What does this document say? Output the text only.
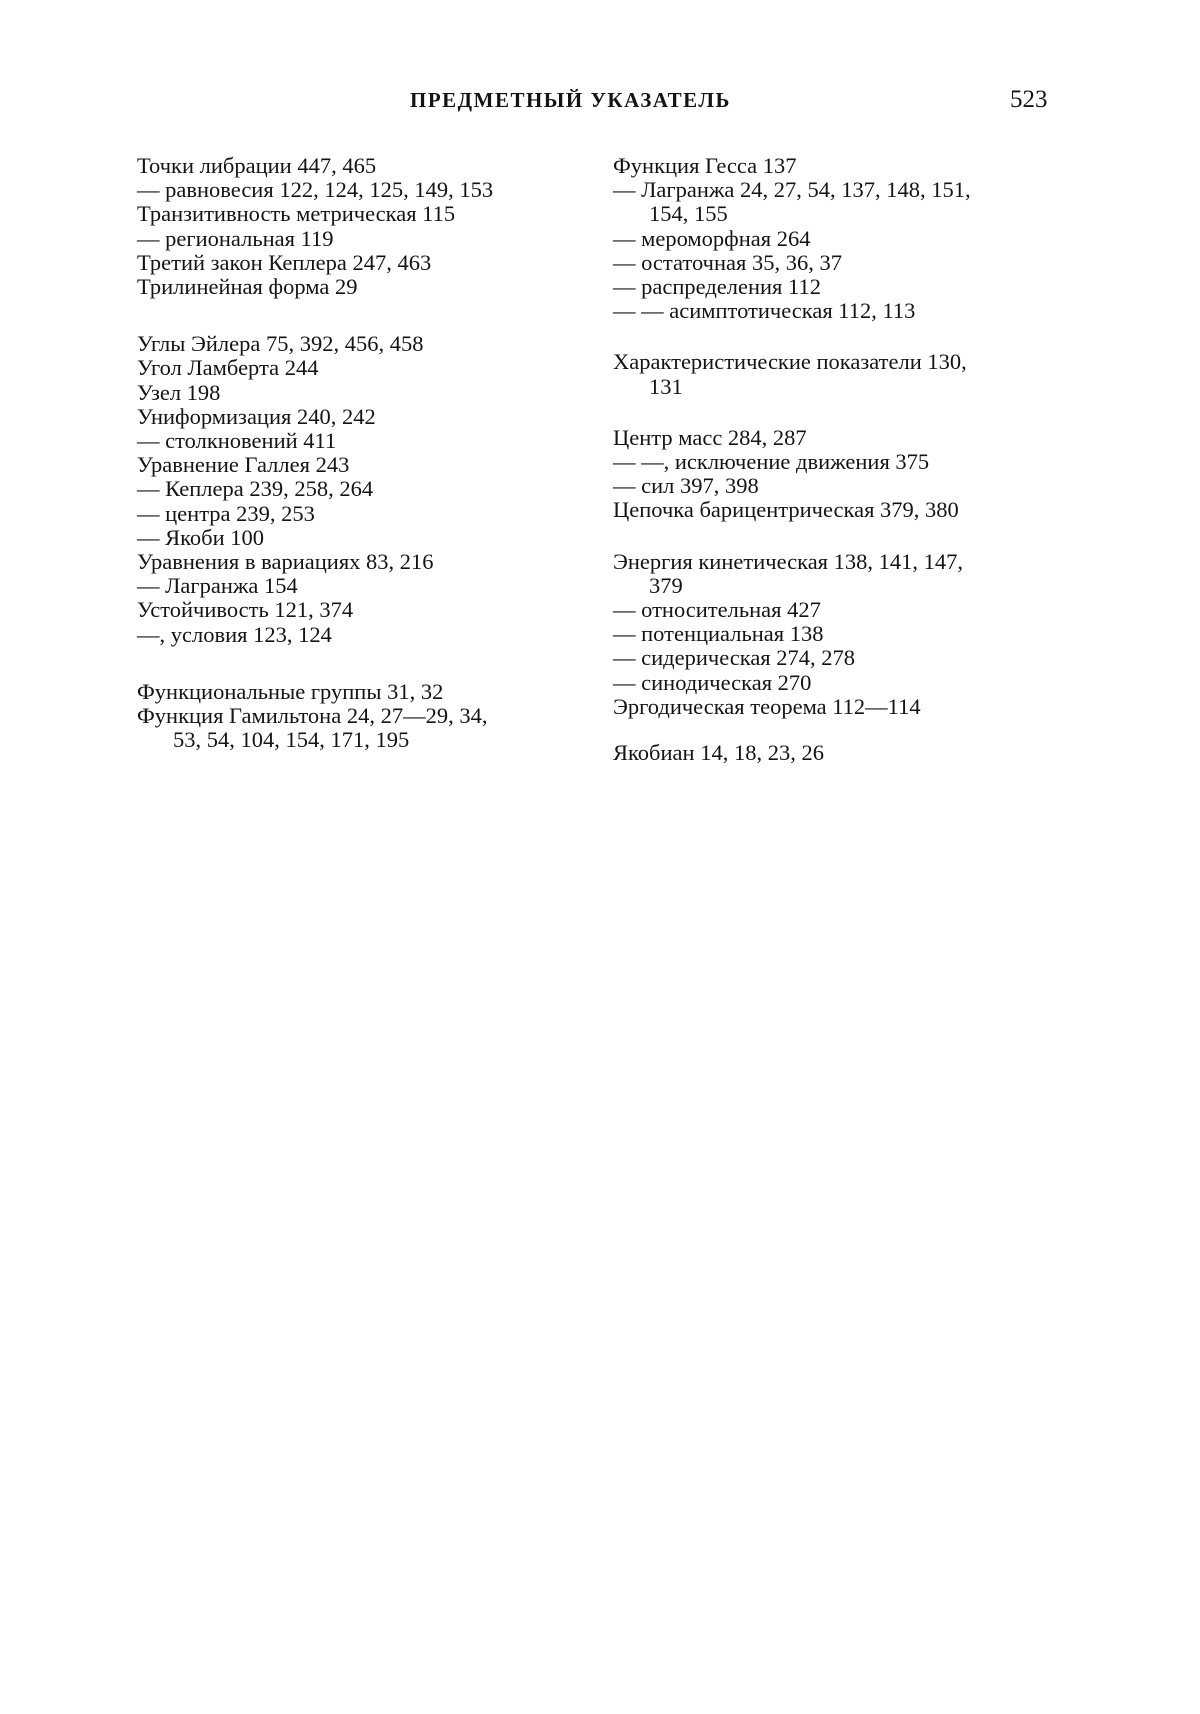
ПРЕДМЕТНЫЙ УКАЗАТЕЛЬ	523
Точки либрации 447, 465
— равновесия 122, 124, 125, 149, 153
Транзитивность метрическая 115
— региональная 119
Третий закон Кеплера 247, 463
Трилинейная форма 29
Углы Эйлера 75, 392, 456, 458
Угол Ламберта 244
Узел 198
Униформизация 240, 242
— столкновений 411
Уравнение Галлея 243
— Кеплера 239, 258, 264
— центра 239, 253
— Якоби 100
Уравнения в вариациях 83, 216
— Лагранжа 154
Устойчивость 121, 374
—, условия 123, 124
Функциональные группы 31, 32
Функция Гамильтона 24, 27—29, 34,
53, 54, 104, 154, 171, 195
Функция Гесса 137
— Лагранжа 24, 27, 54, 137, 148, 151,
154, 155
— мероморфная 264
— остаточная 35, 36, 37
— распределения 112
— — асимптотическая 112, 113
Характеристические показатели 130,
131
Центр масс 284, 287
— —, исключение движения 375
— сил 397, 398
Цепочка барицентрическая 379, 380
Энергия кинетическая 138, 141, 147,
379
— относительная 427
— потенциальная 138
— сидерическая 274, 278
— синодическая 270
Эргодическая теорема 112—114
Якобиан 14, 18, 23, 26
